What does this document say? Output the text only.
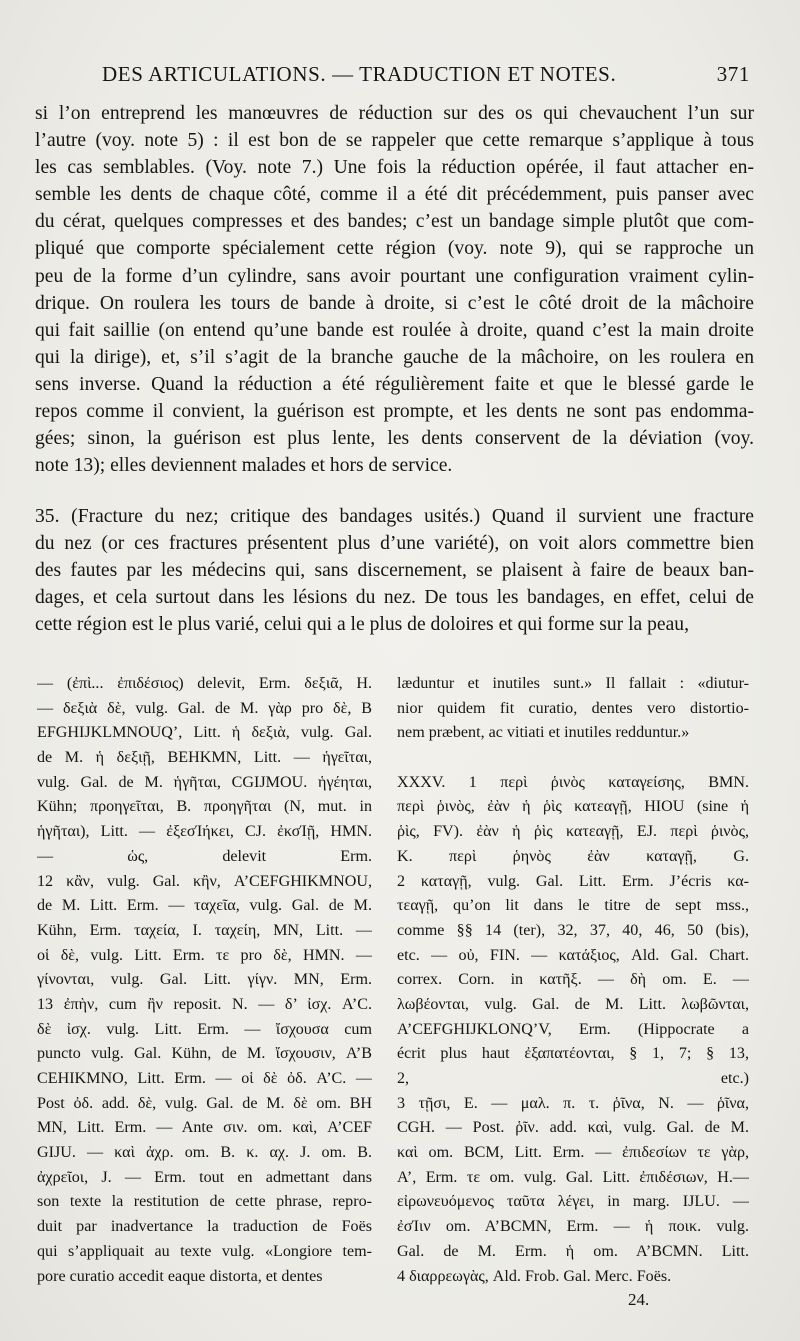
DES ARTICULATIONS. — TRADUCTION ET NOTES.	371
si l’on entreprend les manœuvres de réduction sur des os qui chevauchent l’un sur
l’autre (voy. note 5) : il est bon de se rappeler que cette remarque s’applique à tous
les cas semblables. (Voy. note 7.) Une fois la réduction opérée, il faut attacher en-
semble les dents de chaque côté, comme il a été dit précédemment, puis panser avec
du cérat, quelques compresses et des bandes; c’est un bandage simple plutôt que com-
pliqué que comporte spécialement cette région (voy. note 9), qui se rapproche un
peu de la forme d’un cylindre, sans avoir pourtant une configuration vraiment cylin-
drique. On roulera les tours de bande à droite, si c’est le côté droit de la mâchoire
qui fait saillie (on entend qu’une bande est roulée à droite, quand c’est la main droite
qui la dirige), et, s’il s’agit de la branche gauche de la mâchoire, on les roulera en
sens inverse. Quand la réduction a été régulièrement faite et que le blessé garde le
repos comme il convient, la guérison est prompte, et les dents ne sont pas endomma-
gées; sinon, la guérison est plus lente, les dents conservent de la déviation (voy.
note 13); elles deviennent malades et hors de service.
35. (Fracture du nez; critique des bandages usités.) Quand il survient une fracture
du nez (or ces fractures présentent plus d’une variété), on voit alors commettre bien
des fautes par les médecins qui, sans discernement, se plaisent à faire de beaux ban-
dages, et cela surtout dans les lésions du nez. De tous les bandages, en effet, celui de
cette région est le plus varié, celui qui a le plus de doloires et qui forme sur la peau,
— (ἐπὶ... ἐπιδέσιος) delevit, Erm. δεξιᾶ, H.
— δεξιὰ δὲ, vulg. Gal. de M. γὰρ pro δὲ, B
EFGHIJKLMNOUQ’, Litt. ἡ δεξιὰ, vulg. Gal.
de M. ἡ δεξιῇ, BEHKMN, Litt. — ἡγεῖται,
vulg. Gal. de M. ἡγῆται, CGIJMOU. ἡγέηται,
Kühn; προηγεῖται, B. προηγῆται (N, mut. in
ἡγῆται), Litt. — ἐξεσΊήκει, CJ. ἐκσΊῇ, HMN.
— ὡς, delevit Erm.
12 κἂν, vulg. Gal. κἢν, A’CEFGHIKMNOU,
de M. Litt. Erm. — ταχεῖα, vulg. Gal. de M.
Kühn, Erm. ταχεία, I. ταχείη, MN, Litt. —
οἱ δὲ, vulg. Litt. Erm. τε pro δὲ, HMN. —
γίνονται, vulg. Gal. Litt. γίγν. MN, Erm.
13 ἐπὴν, cum ἢν reposit. N. — δ’ ἰσχ. A’C.
δὲ ἰσχ. vulg. Litt. Erm. — ἴσχουσα cum
puncto vulg. Gal. Kühn, de M. ἴσχουσιν, A’B
CEHIKMNO, Litt. Erm. — οἱ δὲ ὀδ. A’C. —
Post ὀδ. add. δὲ, vulg. Gal. de M. δὲ om. BH
MN, Litt. Erm. — Ante σιν. om. καὶ, A’CEF
GIJU. — καὶ ἀχρ. om. B. κ. αχ. J. om. B.
ἀχρεῖοι, J. — Erm. tout en admettant dans
son texte la restitution de cette phrase, repro-
duit par inadvertance la traduction de Foës
qui s’appliquait au texte vulg. «Longiore tem-
pore curatio accedit eaque distorta, et dentes
læduntur et inutiles sunt.» Il fallait : «diutur-
nior quidem fit curatio, dentes vero distortio-
nem præbent, ac vitiati et inutiles redduntur.»

XXXV. 1 περὶ ῥινὸς καταγείσης, BMN.
περὶ ῥινὸς, ἐὰν ἡ ῥὶς κατεαγῇ, HIOU (sine ἡ
ῥὶς, FV). ἐὰν ἡ ῥὶς κατεαγῇ, EJ. περὶ ῥινὸς,
K. περὶ ῥηνὸς ἐὰν καταγῇ, G.
2 καταγῇ, vulg. Gal. Litt. Erm. J’écris κα-
τεαγῇ, qu’on lit dans le titre de sept mss.,
comme §§ 14 (ter), 32, 37, 40, 46, 50 (bis),
etc. — οὐ, FIN. — κατάξιος, Ald. Gal. Chart.
correx. Corn. in κατῆξ. — δὴ om. E. —
λωβέονται, vulg. Gal. de M. Litt. λωβῶνται,
A’CEFGHIJKLONQ’V, Erm. (Hippocrate a
écrit plus haut ἐξαπατέονται, § 1, 7; § 13,
2, etc.)
3 τῇσι, E. — μαλ. π. τ. ῥῖνα, N. — ῥῖνα,
CGH. — Post. ῥῖν. add. καὶ, vulg. Gal. de M.
καὶ om. BCM, Litt. Erm. — ἐπιδεσίων τε γὰρ,
A’, Erm. τε om. vulg. Gal. Litt. ἐπιδέσιων, H.—
εἰρωνευόμενος ταῦτα λέγει, in marg. IJLU. —
ἐσΊιν om. A’BCMN, Erm. — ἡ ποικ. vulg.
Gal. de M. Erm. ἡ om. A’BCMN. Litt.
4 διαρρεωγὰς, Ald. Frob. Gal. Merc. Foës.
24.
